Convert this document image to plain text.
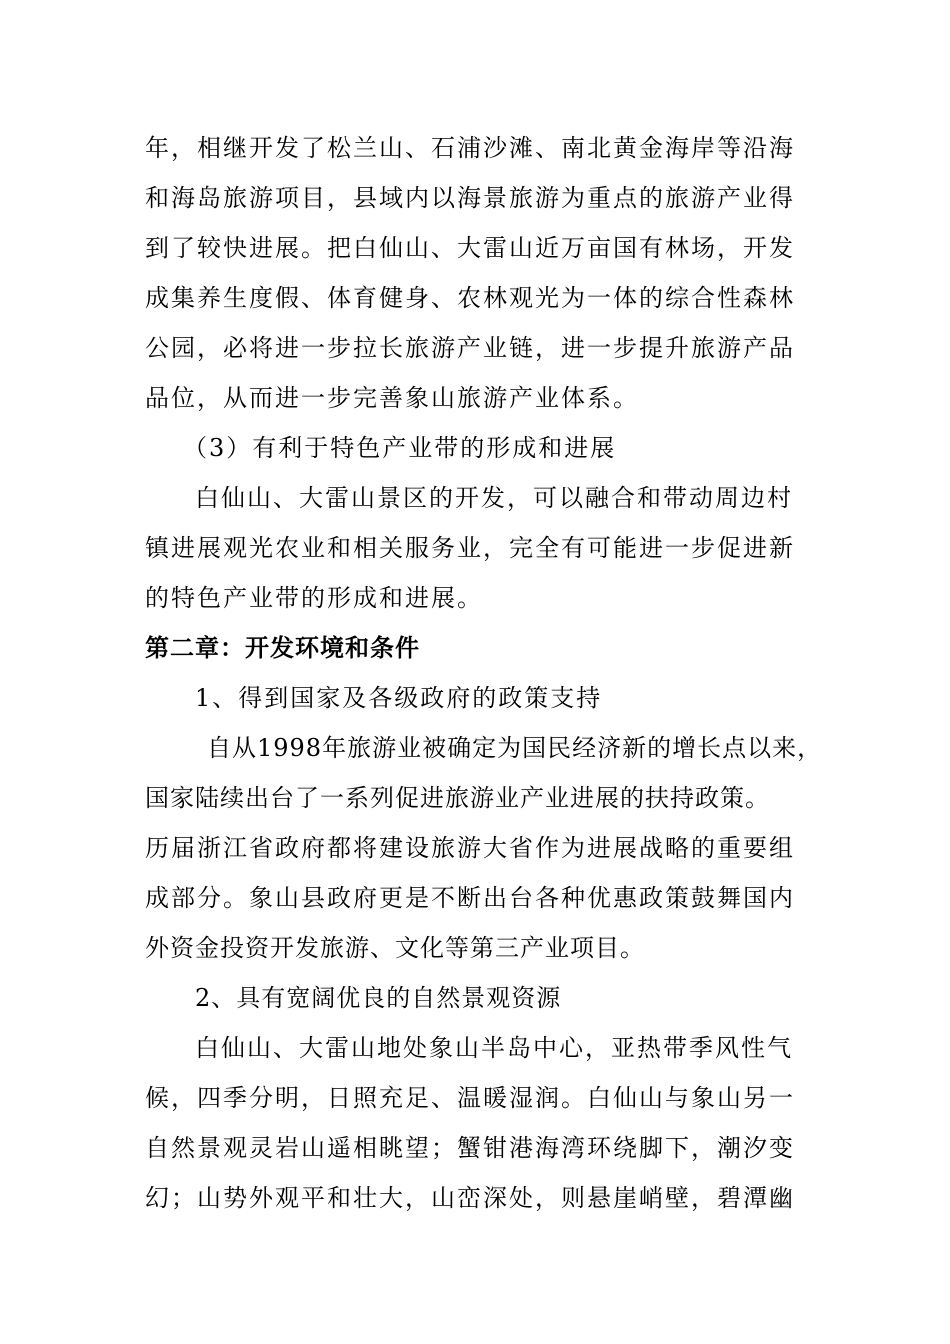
年，相继开发了松兰山、石浦沙滩、南北黄金海岸等沿海
和海岛旅游项目，县域内以海景旅游为重点的旅游产业得
到了较快进展。把白仙山、大雷山近万亩国有林场，开发
成集养生度假、体育健身、农林观光为一体的综合性森林
公园，必将进一步拉长旅游产业链，进一步提升旅游产品
品位，从而进一步完善象山旅游产业体系。
（3）有利于特色产业带的形成和进展
白仙山、大雷山景区的开发，可以融合和带动周边村
镇进展观光农业和相关服务业，完全有可能进一步促进新
的特色产业带的形成和进展。
第二章：开发环境和条件
1、得到国家及各级政府的政策支持
自从1998年旅游业被确定为国民经济新的增长点以来，
国家陆续出台了一系列促进旅游业产业进展的扶持政策。
历届浙江省政府都将建设旅游大省作为进展战略的重要组
成部分。象山县政府更是不断出台各种优惠政策鼓舞国内
外资金投资开发旅游、文化等第三产业项目。
2、具有宽阔优良的自然景观资源
白仙山、大雷山地处象山半岛中心，亚热带季风性气
候，四季分明，日照充足、温暖湿润。白仙山与象山另一
自然景观灵岩山遥相眺望；蟹钳港海湾环绕脚下，潮汐变
幻；山势外观平和壮大，山峦深处，则悬崖峭壁，碧潭幽
